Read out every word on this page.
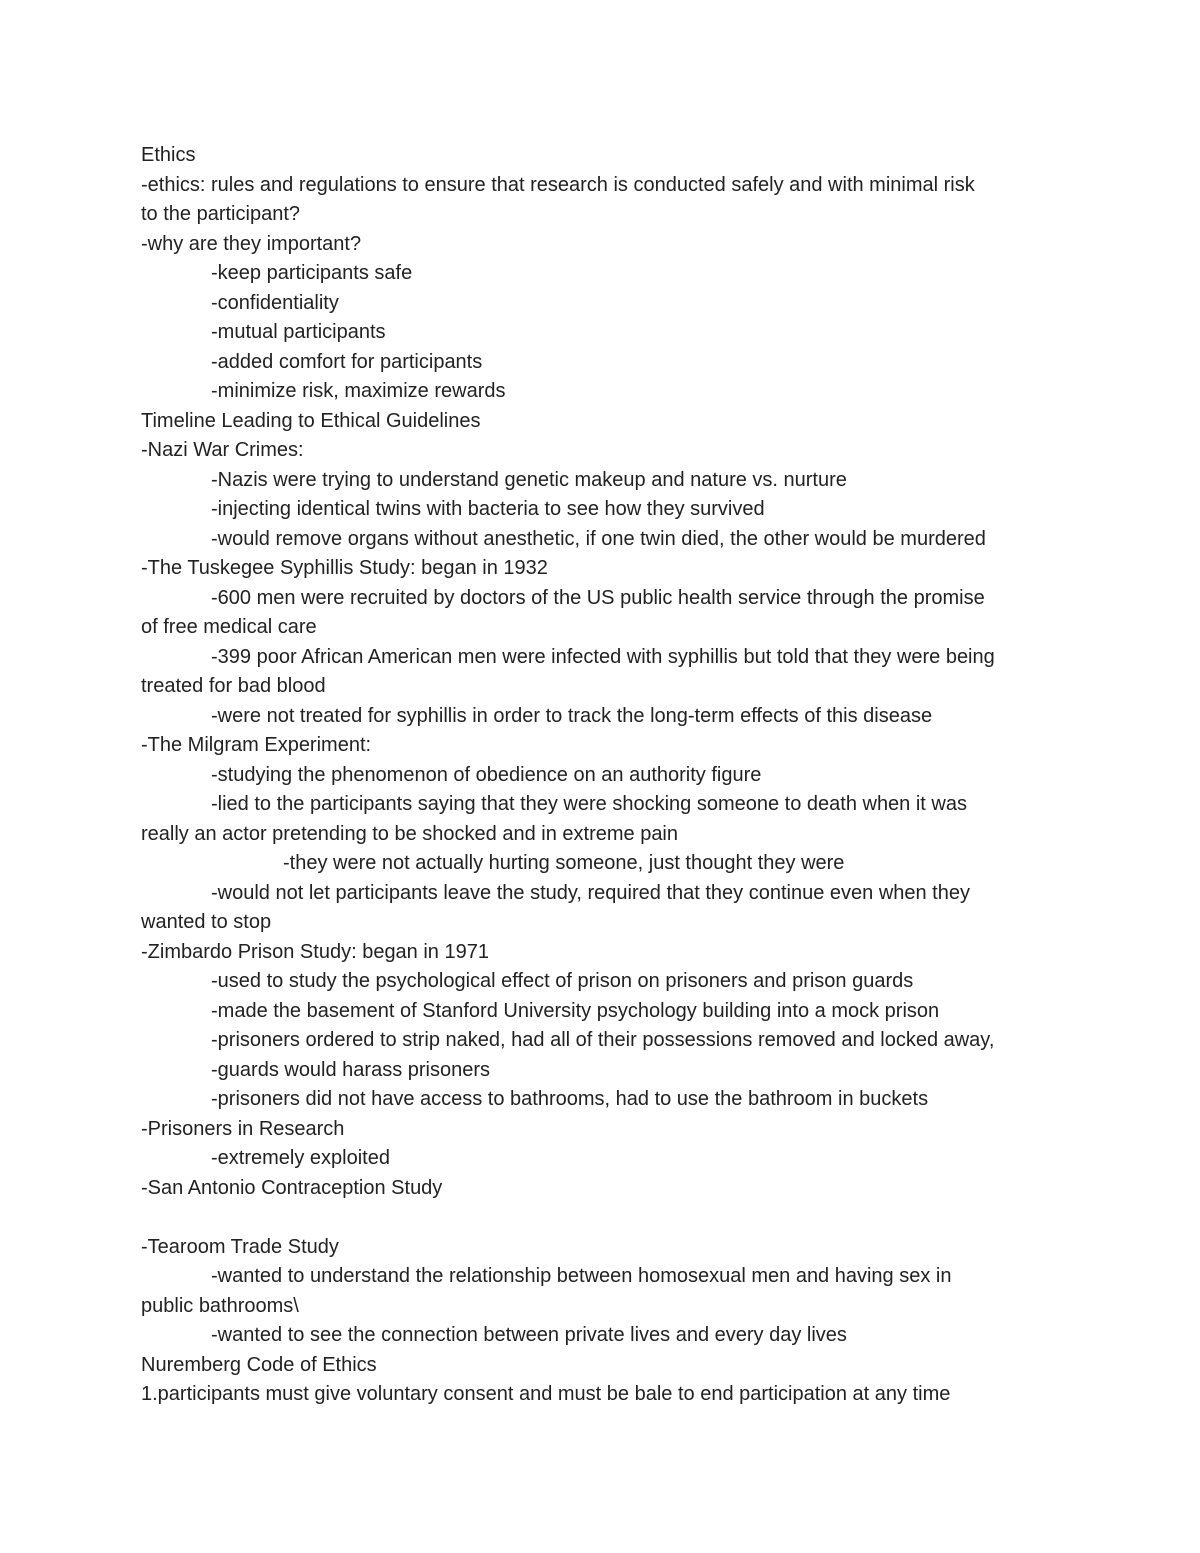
Ethics
-ethics: rules and regulations to ensure that research is conducted safely and with minimal risk
to the participant?
-why are they important?
-keep participants safe
-confidentiality
-mutual participants
-added comfort for participants
-minimize risk, maximize rewards
Timeline Leading to Ethical Guidelines
-Nazi War Crimes:
-Nazis were trying to understand genetic makeup and nature vs. nurture
-injecting identical twins with bacteria to see how they survived
-would remove organs without anesthetic, if one twin died, the other would be murdered
-The Tuskegee Syphillis Study: began in 1932
-600 men were recruited by doctors of the US public health service through the promise
of free medical care
-399 poor African American men were infected with syphillis but told that they were being
treated for bad blood
-were not treated for syphillis in order to track the long-term effects of this disease
-The Milgram Experiment:
-studying the phenomenon of obedience on an authority figure
-lied to the participants saying that they were shocking someone to death when it was
really an actor pretending to be shocked and in extreme pain
-they were not actually hurting someone, just thought they were
-would not let participants leave the study, required that they continue even when they
wanted to stop
-Zimbardo Prison Study: began in 1971
-used to study the psychological effect of prison on prisoners and prison guards
-made the basement of Stanford University psychology building into a mock prison
-prisoners ordered to strip naked, had all of their possessions removed and locked away,
-guards would harass prisoners
-prisoners did not have access to bathrooms, had to use the bathroom in buckets
-Prisoners in Research
-extremely exploited
-San Antonio Contraception Study
-Tearoom Trade Study
-wanted to understand the relationship between homosexual men and having sex in
public bathrooms\
-wanted to see the connection between private lives and every day lives
Nuremberg Code of Ethics
1.participants must give voluntary consent and must be bale to end participation at any time
